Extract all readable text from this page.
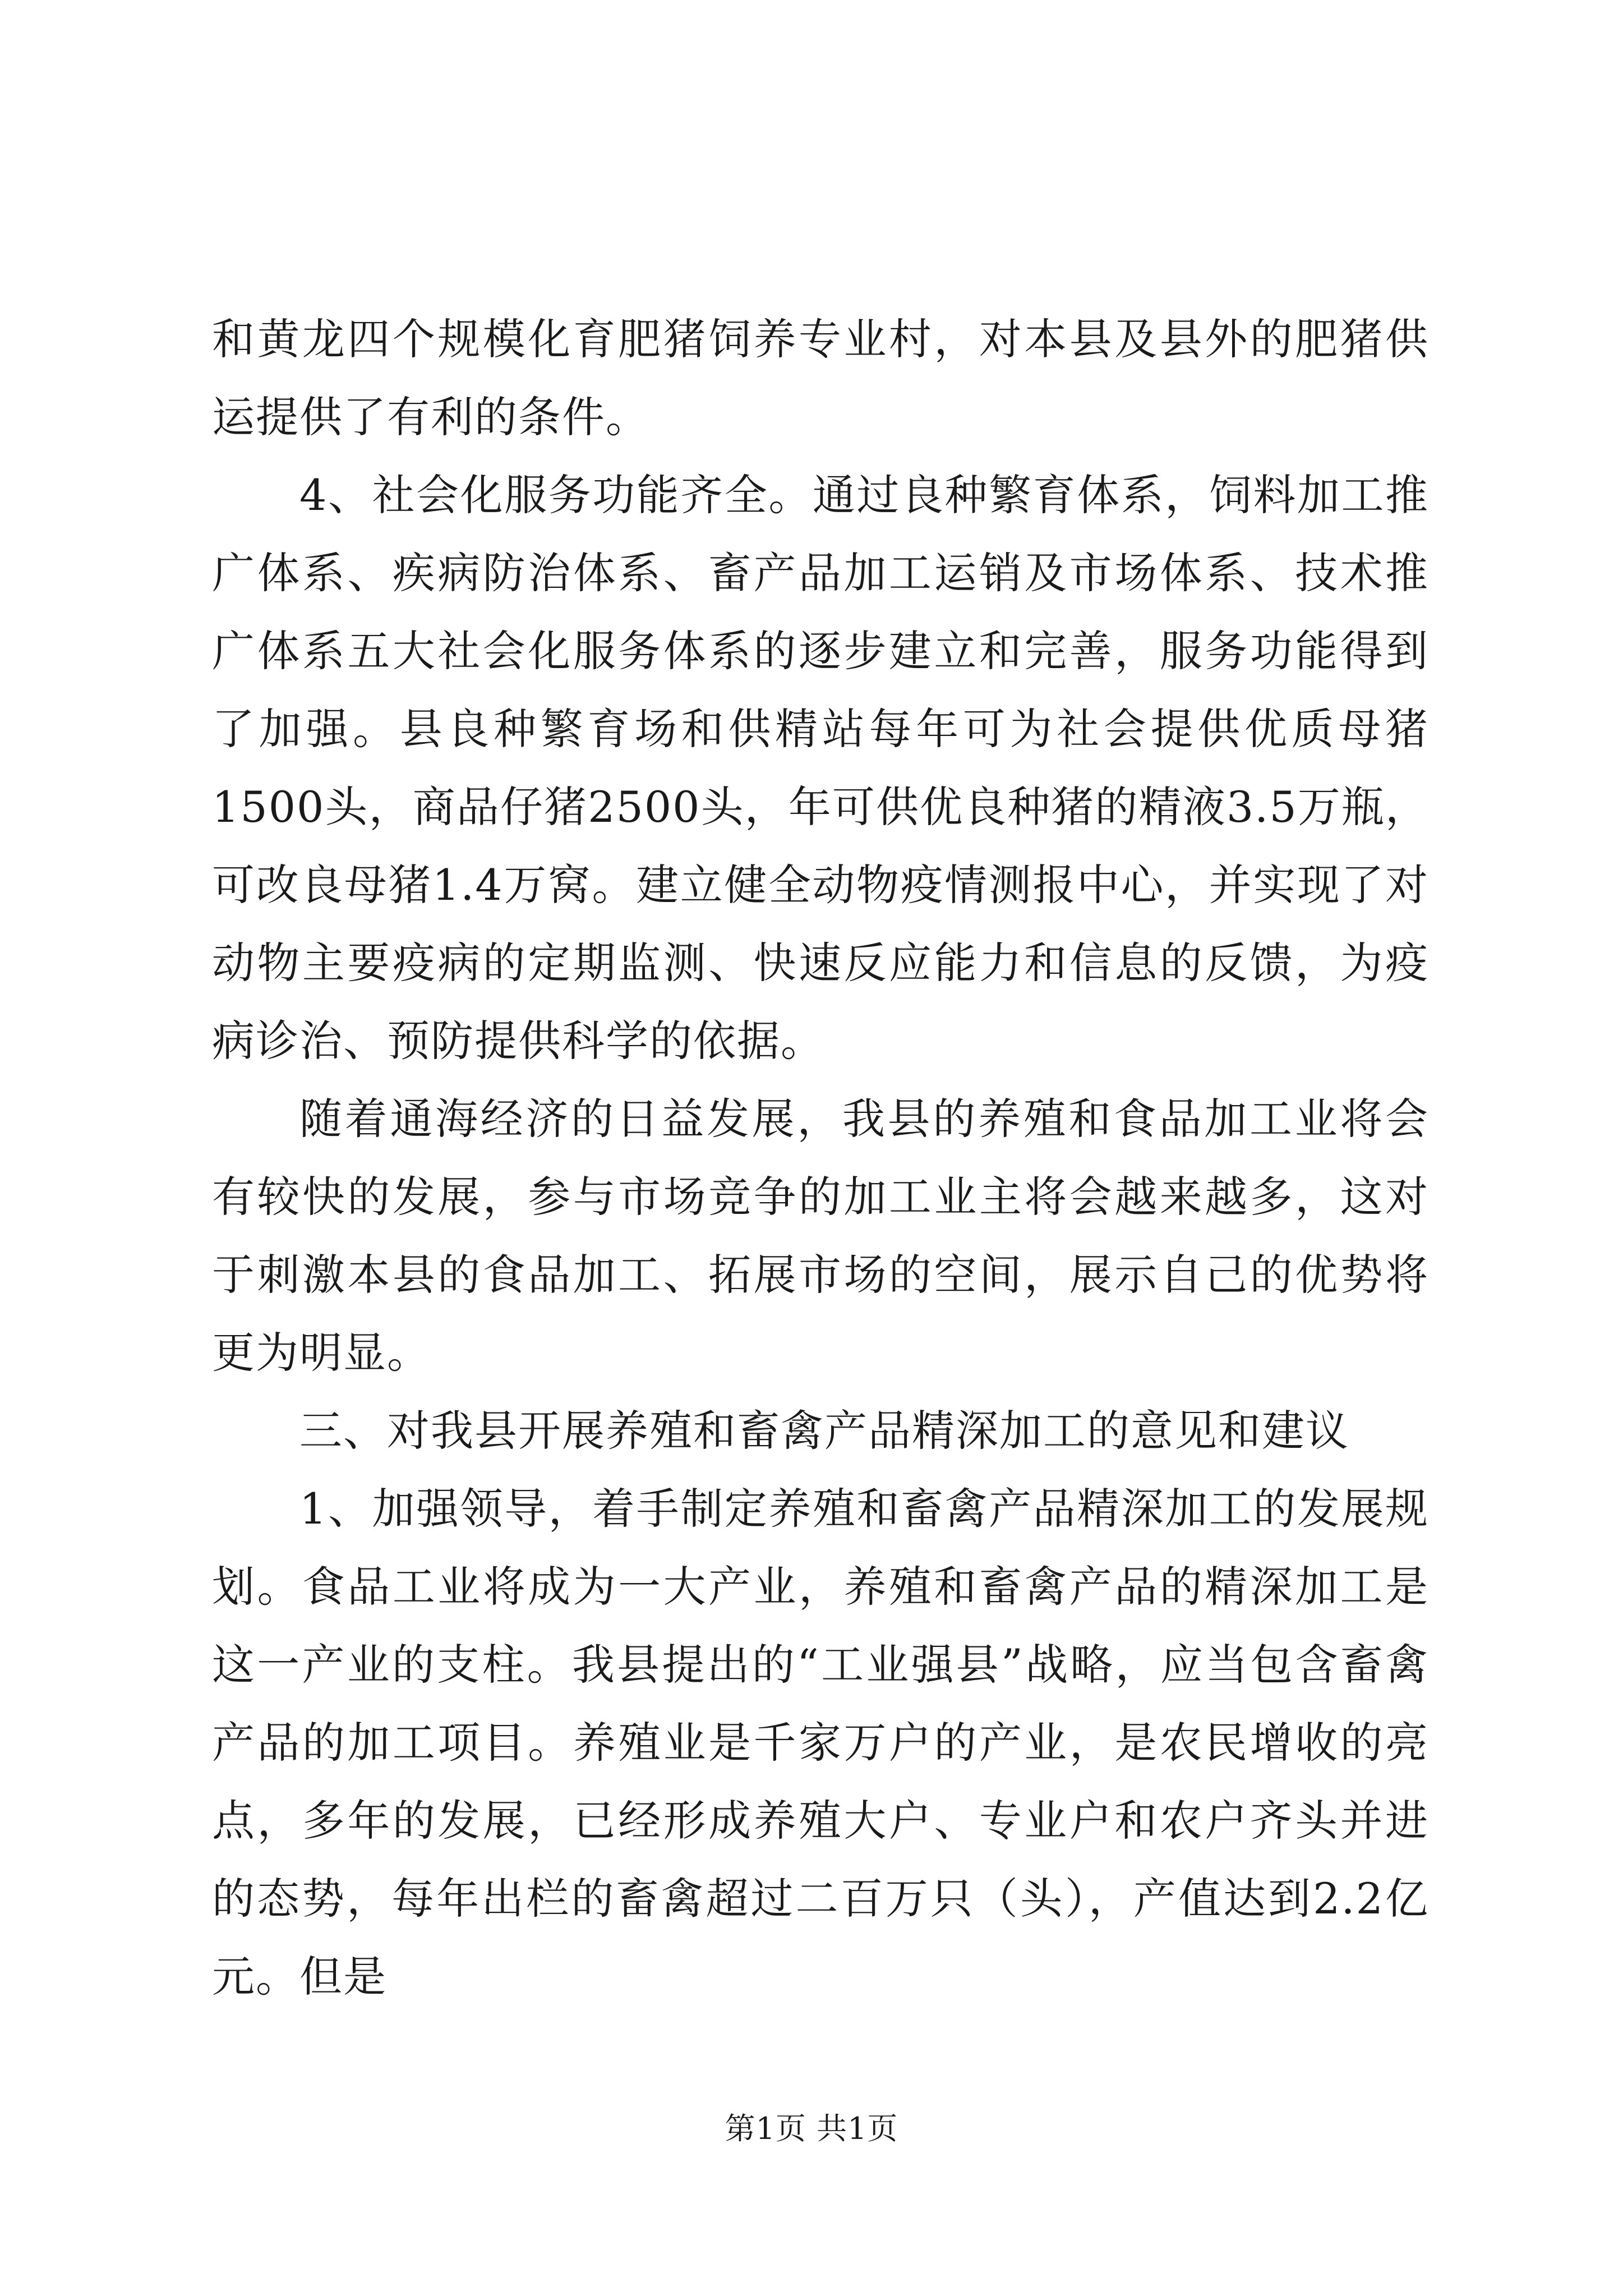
和黄龙四个规模化育肥猪饲养专业村，对本县及县外的肥猪供运提供了有利的条件。

4、社会化服务功能齐全。通过良种繁育体系，饲料加工推广体系、疾病防治体系、畜产品加工运销及市场体系、技术推广体系五大社会化服务体系的逐步建立和完善，服务功能得到了加强。县良种繁育场和供精站每年可为社会提供优质母猪1500头，商品仔猪2500头，年可供优良种猪的精液3.5万瓶，可改良母猪1.4万窝。建立健全动物疫情测报中心，并实现了对动物主要疫病的定期监测、快速反应能力和信息的反馈，为疫病诊治、预防提供科学的依据。

随着通海经济的日益发展，我县的养殖和食品加工业将会有较快的发展，参与市场竞争的加工业主将会越来越多，这对于刺激本县的食品加工、拓展市场的空间，展示自己的优势将更为明显。

三、对我县开展养殖和畜禽产品精深加工的意见和建议

1、加强领导，着手制定养殖和畜禽产品精深加工的发展规划。食品工业将成为一大产业，养殖和畜禽产品的精深加工是这一产业的支柱。我县提出的“工业强县”战略，应当包含畜禽产品的加工项目。养殖业是千家万户的产业，是农民增收的亮点，多年的发展，已经形成养殖大户、专业户和农户齐头并进的态势，每年出栏的畜禽超过二百万只（头），产值达到2.2亿元。但是

第1页 共1页
